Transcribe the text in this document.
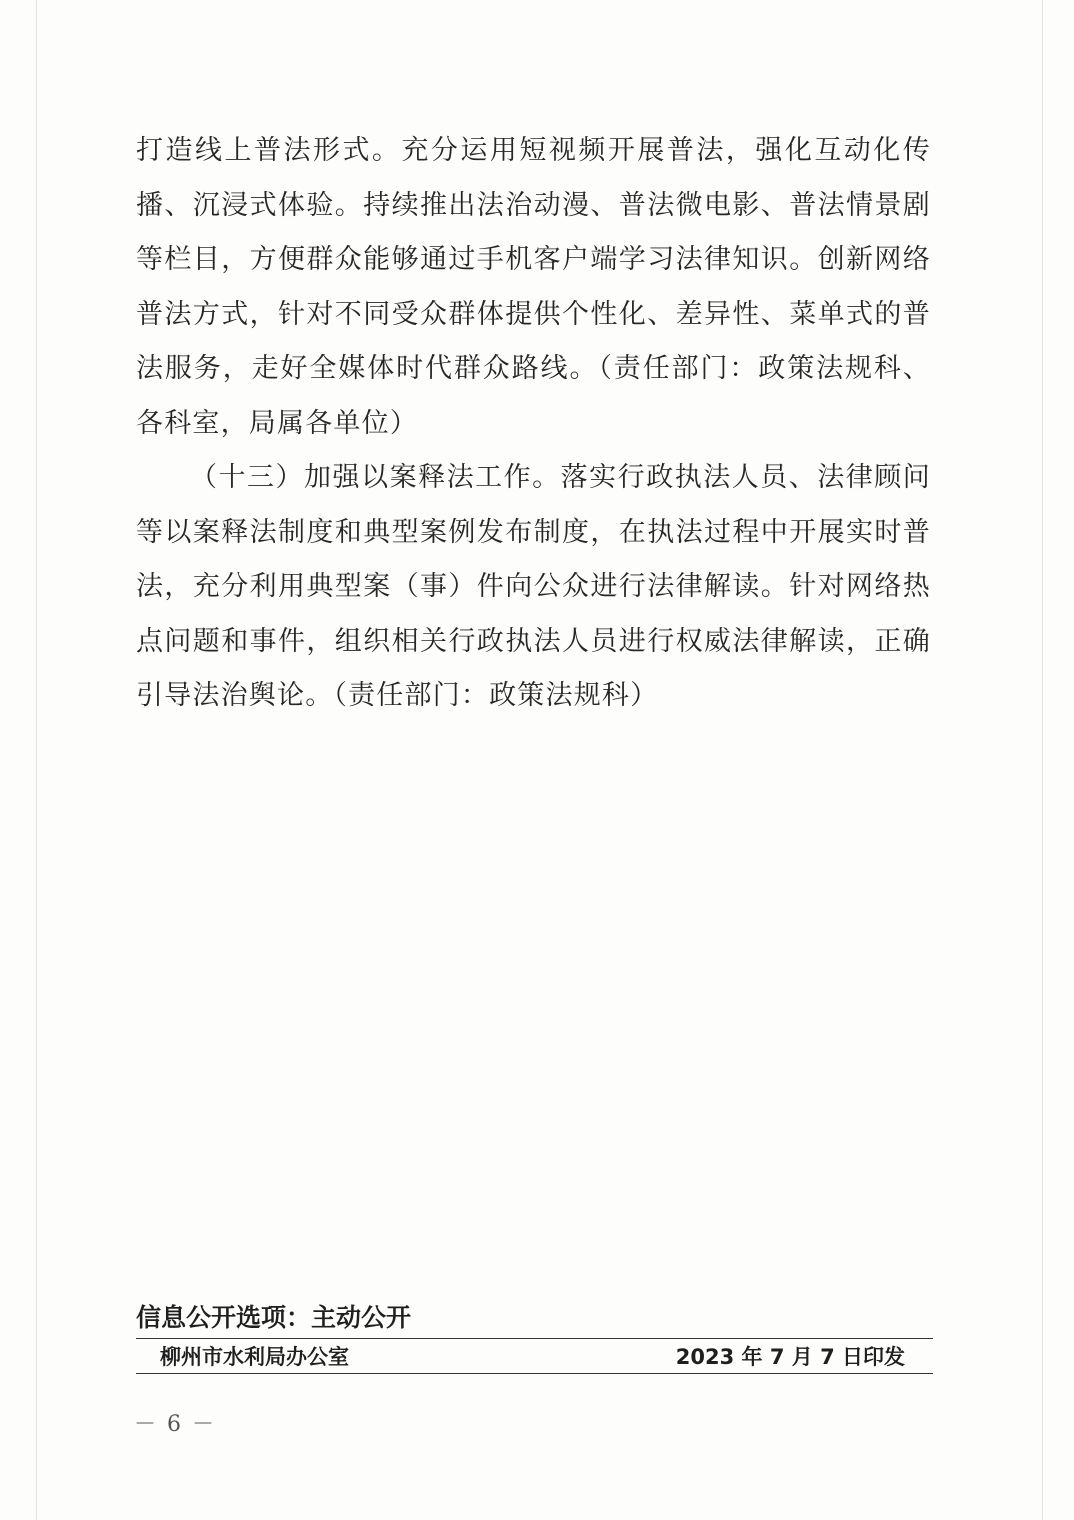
打造线上普法形式。充分运用短视频开展普法，强化互动化传播、沉浸式体验。持续推出法治动漫、普法微电影、普法情景剧等栏目，方便群众能够通过手机客户端学习法律知识。创新网络普法方式，针对不同受众群体提供个性化、差异性、菜单式的普法服务，走好全媒体时代群众路线。（责任部门：政策法规科、各科室，局属各单位）

（十三）加强以案释法工作。落实行政执法人员、法律顾问等以案释法制度和典型案例发布制度，在执法过程中开展实时普法，充分利用典型案（事）件向公众进行法律解读。针对网络热点问题和事件，组织相关行政执法人员进行权威法律解读，正确引导法治舆论。（责任部门：政策法规科）

信息公开选项：主动公开
柳州市水利局办公室	2023 年 7 月 7 日印发
－ 6 －
